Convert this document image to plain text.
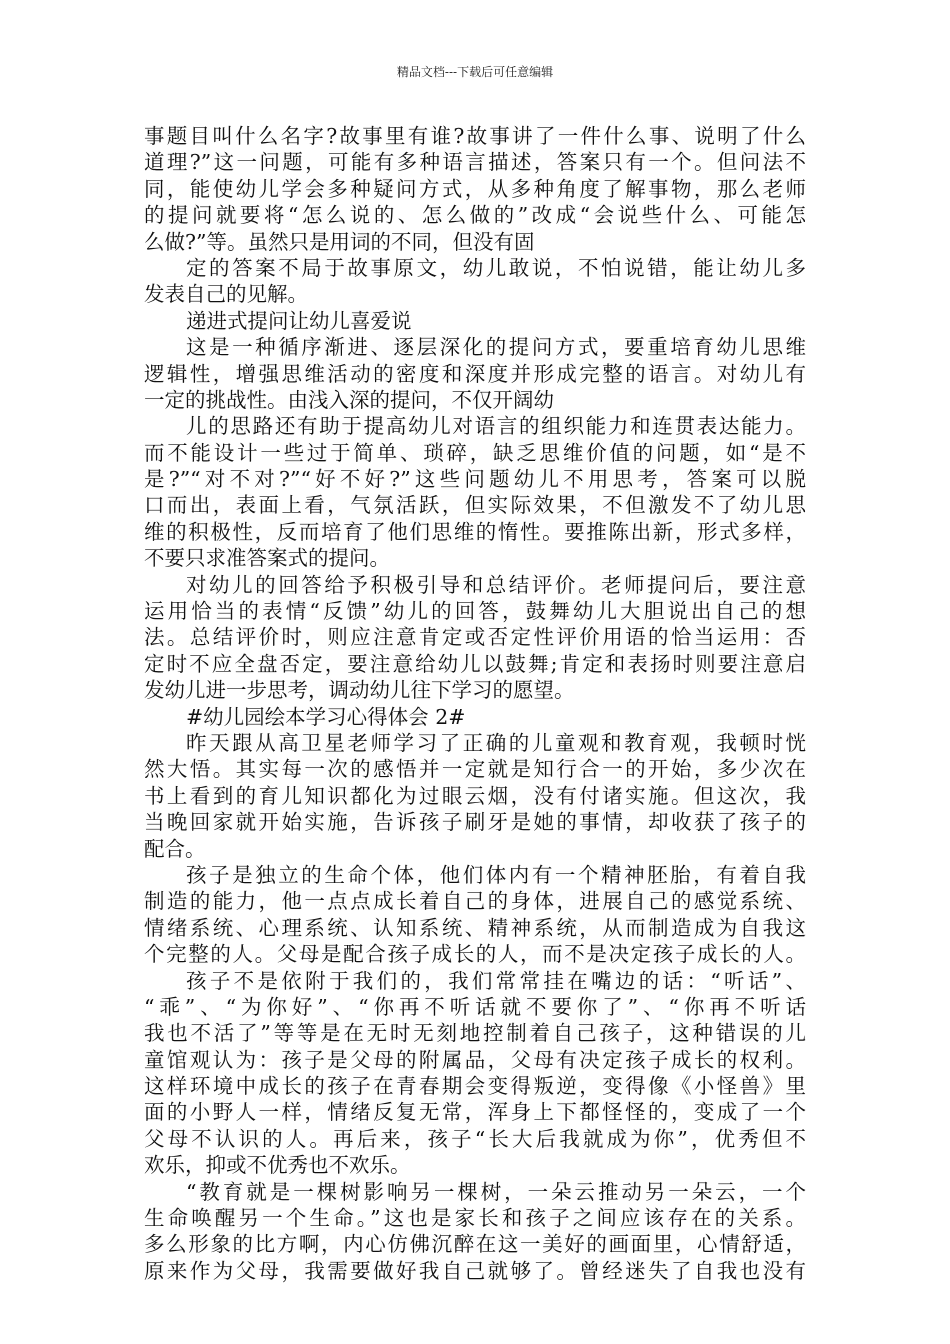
精品文档---下载后可任意编辑
事题目叫什么名字?故事里有谁?故事讲了一件什么事、说明了什么
道理?”这一问题，可能有多种语言描述，答案只有一个。但问法不
同，能使幼儿学会多种疑问方式，从多种角度了解事物，那么老师
的提问就要将“怎么说的、怎么做的”改成“会说些什么、可能怎
么做?”等。虽然只是用词的不同，但没有固
定的答案不局于故事原文，幼儿敢说，不怕说错，能让幼儿多
发表自己的见解。
递进式提问让幼儿喜爱说
这是一种循序渐进、逐层深化的提问方式，要重培育幼儿思维
逻辑性，增强思维活动的密度和深度并形成完整的语言。对幼儿有
一定的挑战性。由浅入深的提问，不仅开阔幼
儿的思路还有助于提高幼儿对语言的组织能力和连贯表达能力。
而不能设计一些过于简单、琐碎，缺乏思维价值的问题，如“是不
是?”“对不对?”“好不好?”这些问题幼儿不用思考，答案可以脱
口而出，表面上看，气氛活跃，但实际效果，不但激发不了幼儿思
维的积极性，反而培育了他们思维的惰性。要推陈出新，形式多样，
不要只求准答案式的提问。
对幼儿的回答给予积极引导和总结评价。老师提问后，要注意
运用恰当的表情“反馈”幼儿的回答，鼓舞幼儿大胆说出自己的想
法。总结评价时，则应注意肯定或否定性评价用语的恰当运用：否
定时不应全盘否定，要注意给幼儿以鼓舞;肯定和表扬时则要注意启
发幼儿进一步思考，调动幼儿往下学习的愿望。
#幼儿园绘本学习心得体会 2#
昨天跟从高卫星老师学习了正确的儿童观和教育观，我顿时恍
然大悟。其实每一次的感悟并一定就是知行合一的开始，多少次在
书上看到的育儿知识都化为过眼云烟，没有付诸实施。但这次，我
当晚回家就开始实施，告诉孩子刷牙是她的事情，却收获了孩子的
配合。
孩子是独立的生命个体，他们体内有一个精神胚胎，有着自我
制造的能力，他一点点成长着自己的身体，进展自己的感觉系统、
情绪系统、心理系统、认知系统、精神系统，从而制造成为自我这
个完整的人。父母是配合孩子成长的人，而不是决定孩子成长的人。
孩子不是依附于我们的，我们常常挂在嘴边的话：“听话”、
“乖”、“为你好”、“你再不听话就不要你了”、“你再不听话
我也不活了”等等是在无时无刻地控制着自己孩子，这种错误的儿
童馆观认为：孩子是父母的附属品，父母有决定孩子成长的权利。
这样环境中成长的孩子在青春期会变得叛逆，变得像《小怪兽》里
面的小野人一样，情绪反复无常，浑身上下都怪怪的，变成了一个
父母不认识的人。再后来，孩子“长大后我就成为你”，优秀但不
欢乐，抑或不优秀也不欢乐。
“教育就是一棵树影响另一棵树，一朵云推动另一朵云，一个
生命唤醒另一个生命。”这也是家长和孩子之间应该存在的关系。
多么形象的比方啊，内心仿佛沉醉在这一美好的画面里，心情舒适，
原来作为父母，我需要做好我自己就够了。曾经迷失了自我也没有
